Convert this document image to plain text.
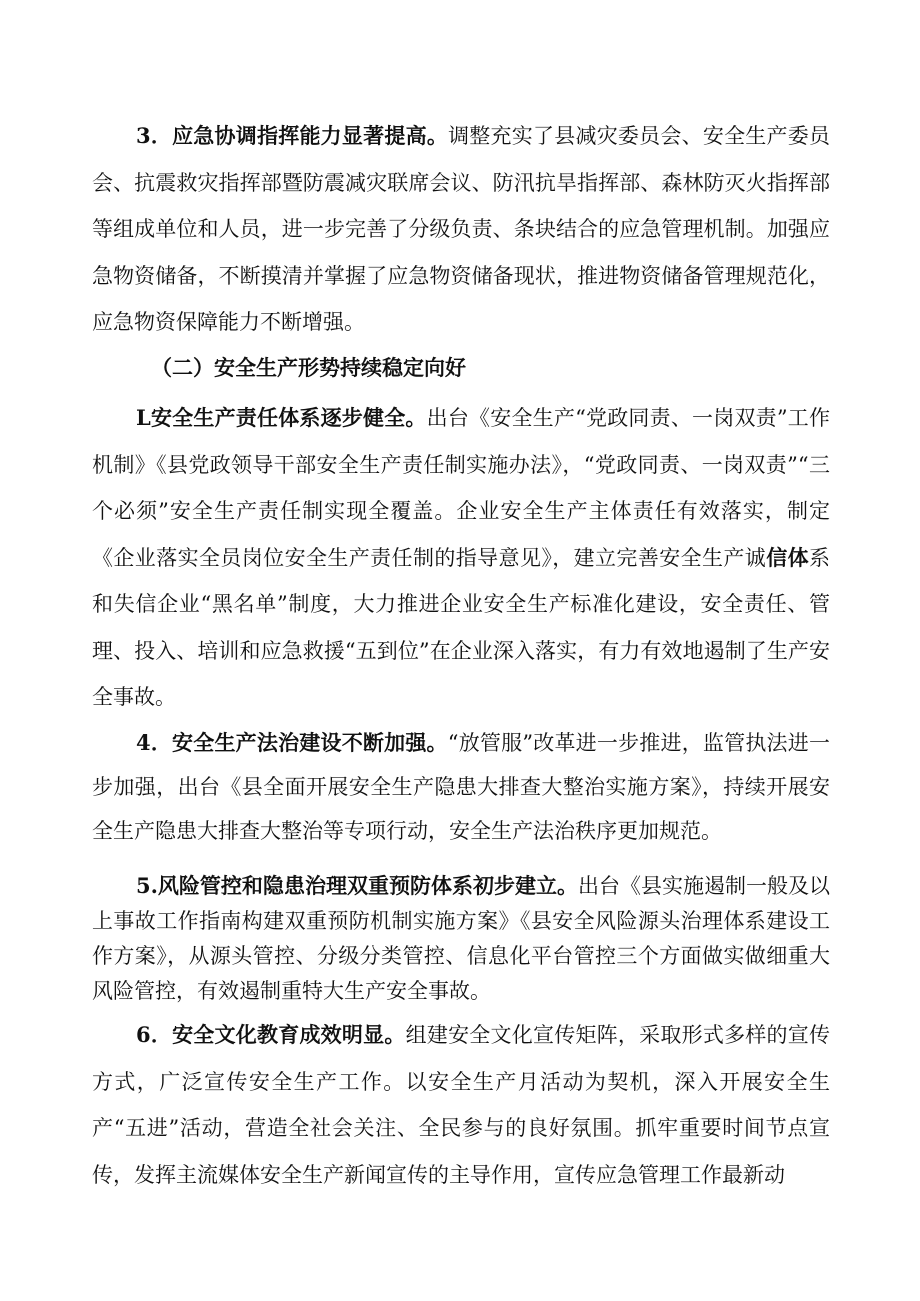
3．应急协调指挥能力显著提高。调整充实了县减灾委员会、安全生产委员会、抗震救灾指挥部暨防震减灾联席会议、防汛抗旱指挥部、森林防灭火指挥部等组成单位和人员，进一步完善了分级负责、条块结合的应急管理机制。加强应急物资储备，不断摸清并掌握了应急物资储备现状，推进物资储备管理规范化，应急物资保障能力不断增强。

（二）安全生产形势持续稳定向好

L安全生产责任体系逐步健全。出台《安全生产“党政同责、一岗双责”工作机制》《县党政领导干部安全生产责任制实施办法》，“党政同责、一岗双责”“三个必须”安全生产责任制实现全覆盖。企业安全生产主体责任有效落实，制定《企业落实全员岗位安全生产责任制的指导意见》，建立完善安全生产诚信体系和失信企业“黑名单”制度，大力推进企业安全生产标准化建设，安全责任、管理、投入、培训和应急救援“五到位”在企业深入落实，有力有效地遏制了生产安全事故。

4．安全生产法治建设不断加强。“放管服”改革进一步推进，监管执法进一步加强，出台《县全面开展安全生产隐患大排查大整治实施方案》，持续开展安全生产隐患大排查大整治等专项行动，安全生产法治秩序更加规范。

5.风险管控和隐患治理双重预防体系初步建立。出台《县实施遏制一般及以上事故工作指南构建双重预防机制实施方案》《县安全风险源头治理体系建设工作方案》，从源头管控、分级分类管控、信息化平台管控三个方面做实做细重大风险管控，有效遏制重特大生产安全事故。

6．安全文化教育成效明显。组建安全文化宣传矩阵，采取形式多样的宣传方式，广泛宣传安全生产工作。以安全生产月活动为契机，深入开展安全生产“五进”活动，营造全社会关注、全民参与的良好氛围。抓牢重要时间节点宣传，发挥主流媒体安全生产新闻宣传的主导作用，宣传应急管理工作最新动
